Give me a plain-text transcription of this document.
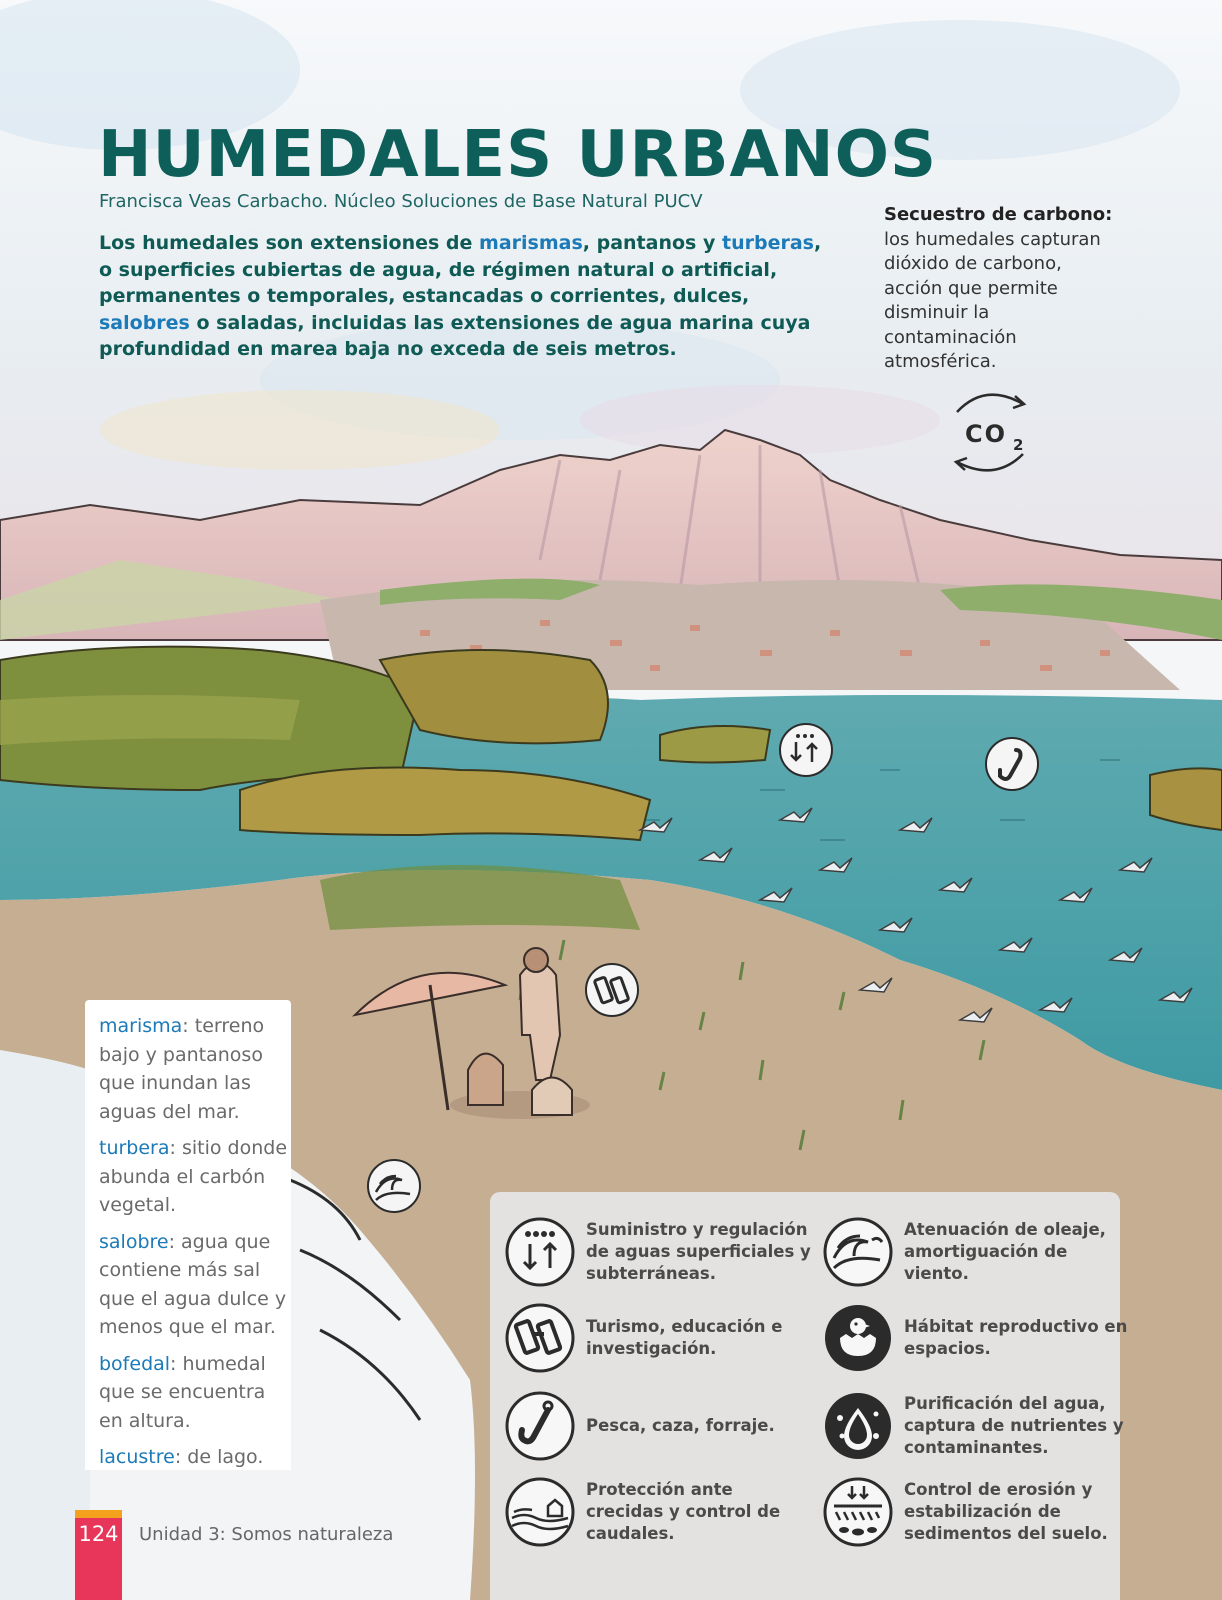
HUMEDALES URBANOS
Francisca Veas Carbacho. Núcleo Soluciones de Base Natural PUCV

Los humedales son extensiones de marismas, pantanos y turberas, o superficies cubiertas de agua, de régimen natural o artificial, permanentes o temporales, estancadas o corrientes, dulces, salobres o saladas, incluidas las extensiones de agua marina cuya profundidad en marea baja no exceda de seis metros.

Secuestro de carbono:
los humedales capturan dióxido de carbono, acción que permite disminuir la contaminación atmosférica.
CO 2

marisma: terreno bajo y pantanoso que inundan las aguas del mar.

turbera: sitio donde abunda el carbón vegetal.

salobre: agua que contiene más sal que el agua dulce y menos que el mar.

bofedal: humedal que se encuentra en altura.

lacustre: de lago.

Suministro y regulación de aguas superficiales y subterráneas.
Atenuación de oleaje, amortiguación de viento.
Turismo, educación e investigación.
Hábitat reproductivo en espacios.
Pesca, caza, forraje.
Purificación del agua, captura de nutrientes y contaminantes.
Protección ante crecidas y control de caudales.
Control de erosión y estabilización de sedimentos del suelo.
124 Unidad 3: Somos naturaleza
